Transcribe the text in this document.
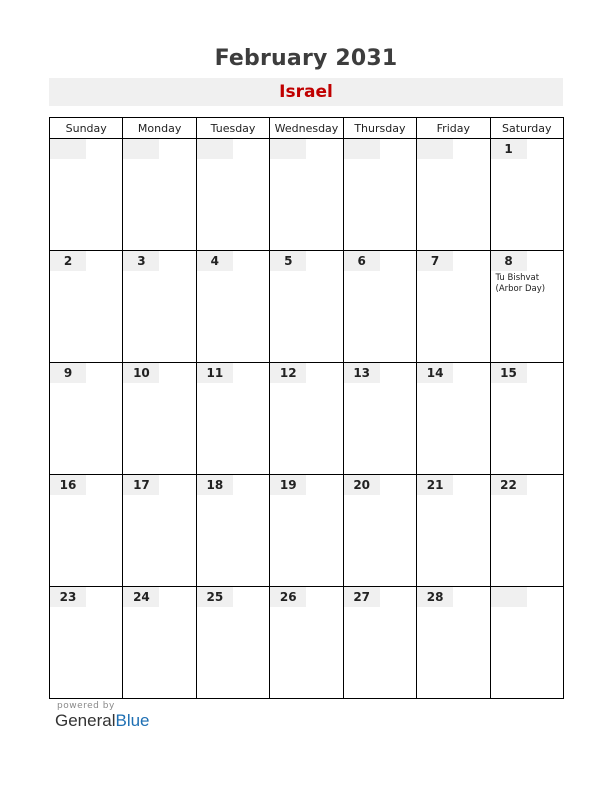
February 2031
Israel
Sunday	Monday	Tuesday	Wednesday	Thursday	Friday	Saturday

						1

2	3	4	5	6	7	8
Tu Bishvat (Arbor Day)

9	10	11	12	13	14	15

16	17	18	19	20	21	22

23	24	25	26	27	28	

powered by
GeneralBlue
